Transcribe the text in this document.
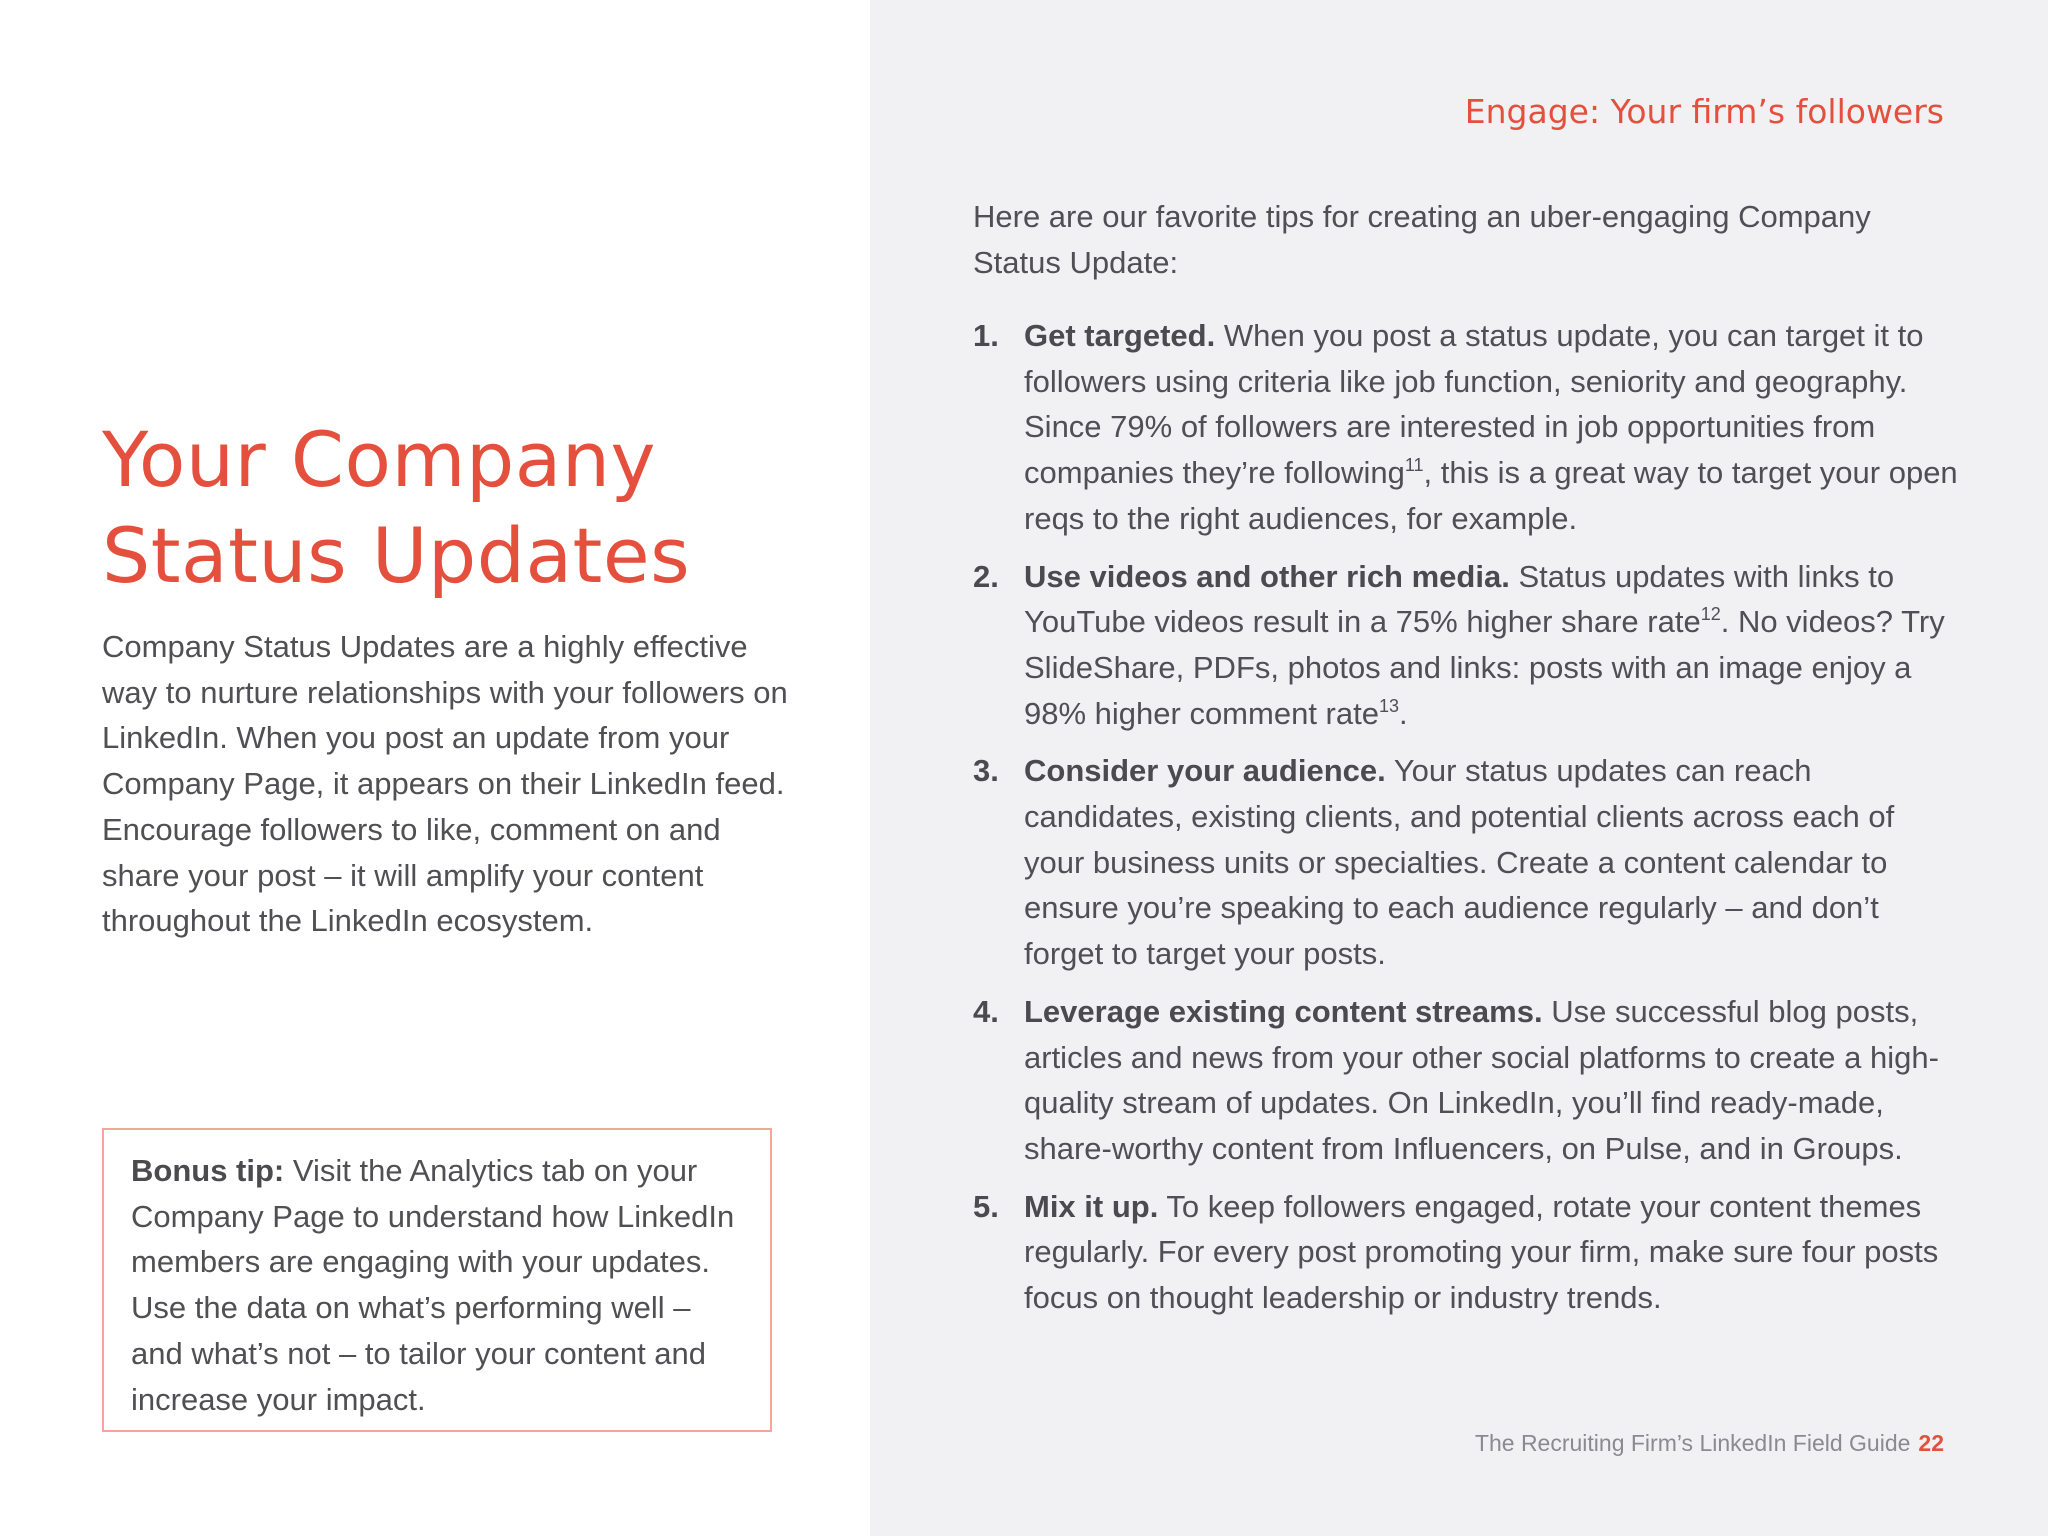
Your Company
Status Updates

Company Status Updates are a highly effective way to nurture relationships with your followers on LinkedIn. When you post an update from your Company Page, it appears on their LinkedIn feed. Encourage followers to like, comment on and share your post – it will amplify your content throughout the LinkedIn ecosystem.

Bonus tip: Visit the Analytics tab on your Company Page to understand how LinkedIn members are engaging with your updates. Use the data on what’s performing well – and what’s not – to tailor your content and increase your impact.

Engage: Your firm’s followers

Here are our favorite tips for creating an uber-engaging Company Status Update:

1. Get targeted. When you post a status update, you can target it to followers using criteria like job function, seniority and geography. Since 79% of followers are interested in job opportunities from companies they’re following$^{11}$, this is a great way to target your open reqs to the right audiences, for example.
2. Use videos and other rich media. Status updates with links to YouTube videos result in a 75% higher share rate$^{12}$. No videos? Try SlideShare, PDFs, photos and links: posts with an image enjoy a 98% higher comment rate$^{13}$.
3. Consider your audience. Your status updates can reach candidates, existing clients, and potential clients across each of your business units or specialties. Create a content calendar to ensure you’re speaking to each audience regularly – and don’t forget to target your posts.
4. Leverage existing content streams. Use successful blog posts, articles and news from your other social platforms to create a high-quality stream of updates. On LinkedIn, you’ll find ready-made, share-worthy content from Influencers, on Pulse, and in Groups.
5. Mix it up. To keep followers engaged, rotate your content themes regularly. For every post promoting your firm, make sure four posts focus on thought leadership or industry trends.
The Recruiting Firm’s LinkedIn Field Guide 22
